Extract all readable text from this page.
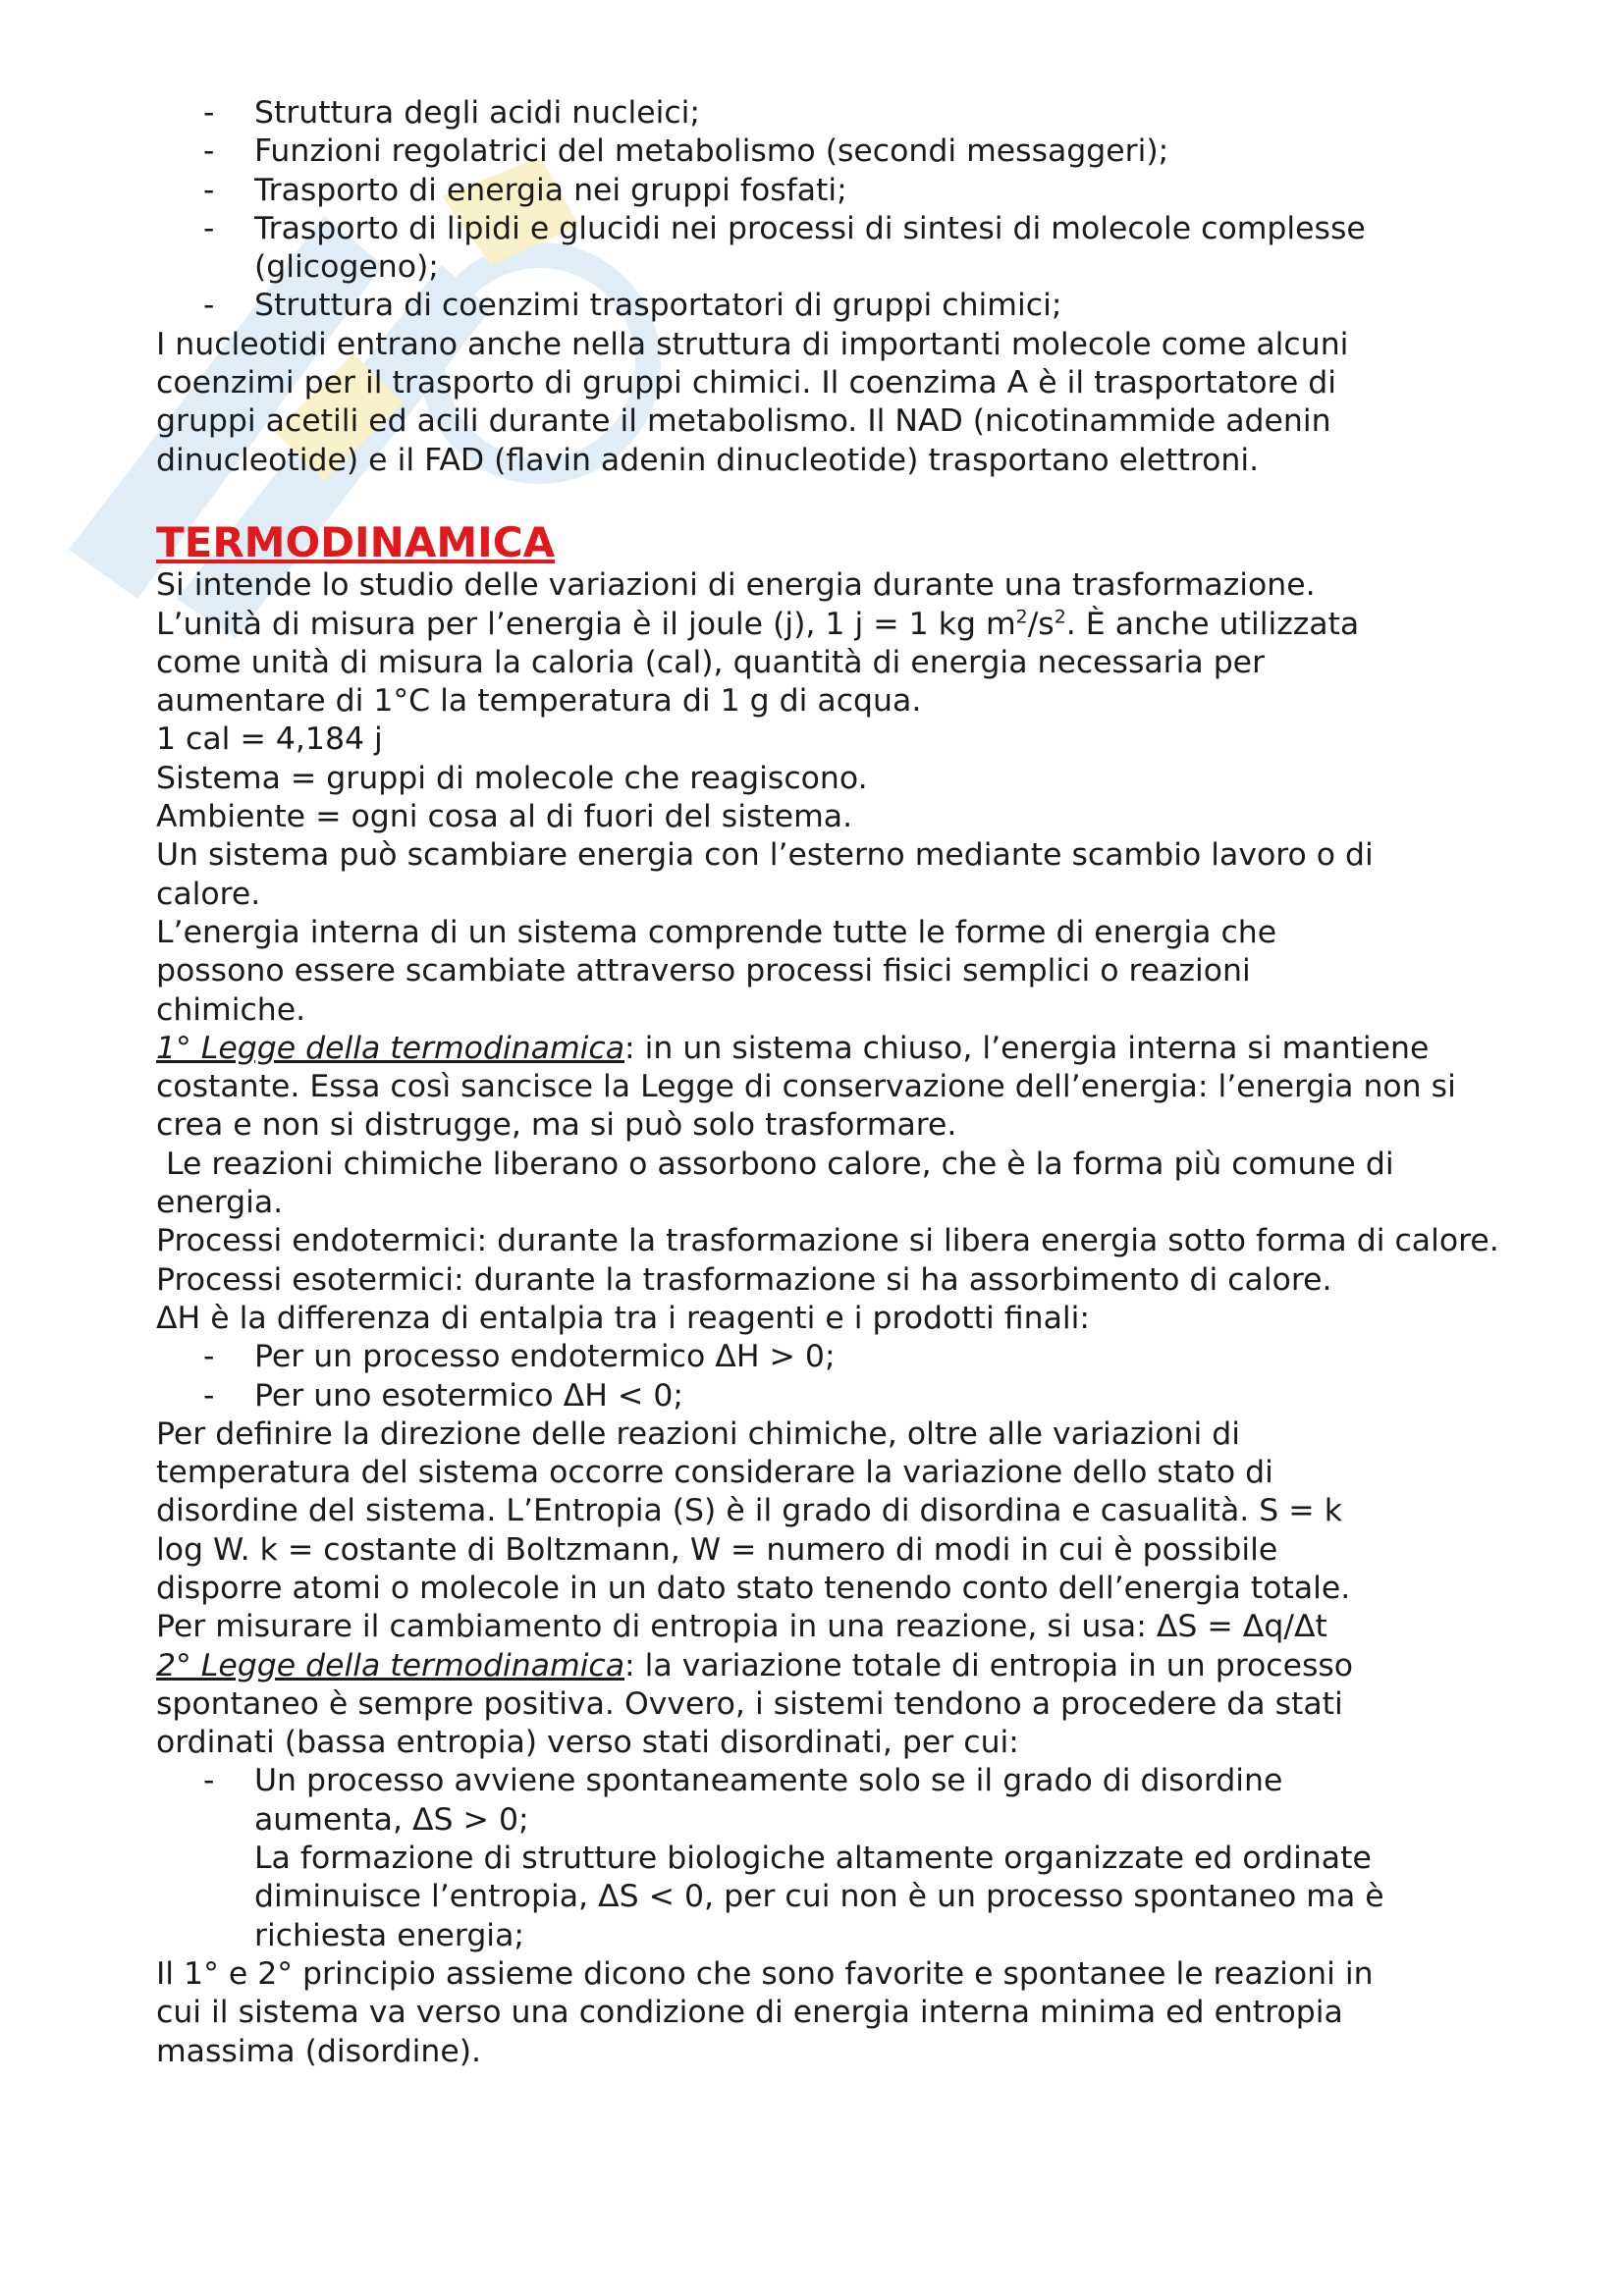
- Struttura degli acidi nucleici;

- Funzioni regolatrici del metabolismo (secondi messaggeri);

- Trasporto di energia nei gruppi fosfati;

- Trasporto di lipidi e glucidi nei processi di sintesi di molecole complesse

(glicogeno);

- Struttura di coenzimi trasportatori di gruppi chimici;

I nucleotidi entrano anche nella struttura di importanti molecole come alcuni

coenzimi per il trasporto di gruppi chimici. Il coenzima A è il trasportatore di

gruppi acetili ed acili durante il metabolismo. Il NAD (nicotinammide adenin

dinucleotide) e il FAD (flavin adenin dinucleotide) trasportano elettroni.

TERMODINAMICA

Si intende lo studio delle variazioni di energia durante una trasformazione.

L’unità di misura per l’energia è il joule (j), 1 j = 1 kg $m^2/s^2$. È anche utilizzata

come unità di misura la caloria (cal), quantità di energia necessaria per

aumentare di 1°C la temperatura di 1 g di acqua.

1 cal = 4,184 j

Sistema = gruppi di molecole che reagiscono.

Ambiente = ogni cosa al di fuori del sistema.

Un sistema può scambiare energia con l’esterno mediante scambio lavoro o di

calore.

L’energia interna di un sistema comprende tutte le forme di energia che

possono essere scambiate attraverso processi fisici semplici o reazioni

chimiche.

1° Legge della termodinamica: in un sistema chiuso, l’energia interna si mantiene

costante. Essa così sancisce la Legge di conservazione dell’energia: l’energia non si

crea e non si distrugge, ma si può solo trasformare.

Le reazioni chimiche liberano o assorbono calore, che è la forma più comune di

energia.

Processi endotermici: durante la trasformazione si libera energia sotto forma di calore.

Processi esotermici: durante la trasformazione si ha assorbimento di calore.

ΔH è la differenza di entalpia tra i reagenti e i prodotti finali:

- Per un processo endotermico ΔH > 0;

- Per uno esotermico ΔH < 0;

Per definire la direzione delle reazioni chimiche, oltre alle variazioni di

temperatura del sistema occorre considerare la variazione dello stato di

disordine del sistema. L’Entropia (S) è il grado di disordina e casualità. S = k

log W. k = costante di Boltzmann, W = numero di modi in cui è possibile

disporre atomi o molecole in un dato stato tenendo conto dell’energia totale.

Per misurare il cambiamento di entropia in una reazione, si usa: ΔS = Δq/Δt

2° Legge della termodinamica: la variazione totale di entropia in un processo

spontaneo è sempre positiva. Ovvero, i sistemi tendono a procedere da stati

ordinati (bassa entropia) verso stati disordinati, per cui:

- Un processo avviene spontaneamente solo se il grado di disordine

aumenta, ΔS > 0;

La formazione di strutture biologiche altamente organizzate ed ordinate

diminuisce l’entropia, ΔS < 0, per cui non è un processo spontaneo ma è

richiesta energia;

Il 1° e 2° principio assieme dicono che sono favorite e spontanee le reazioni in

cui il sistema va verso una condizione di energia interna minima ed entropia

massima (disordine).
